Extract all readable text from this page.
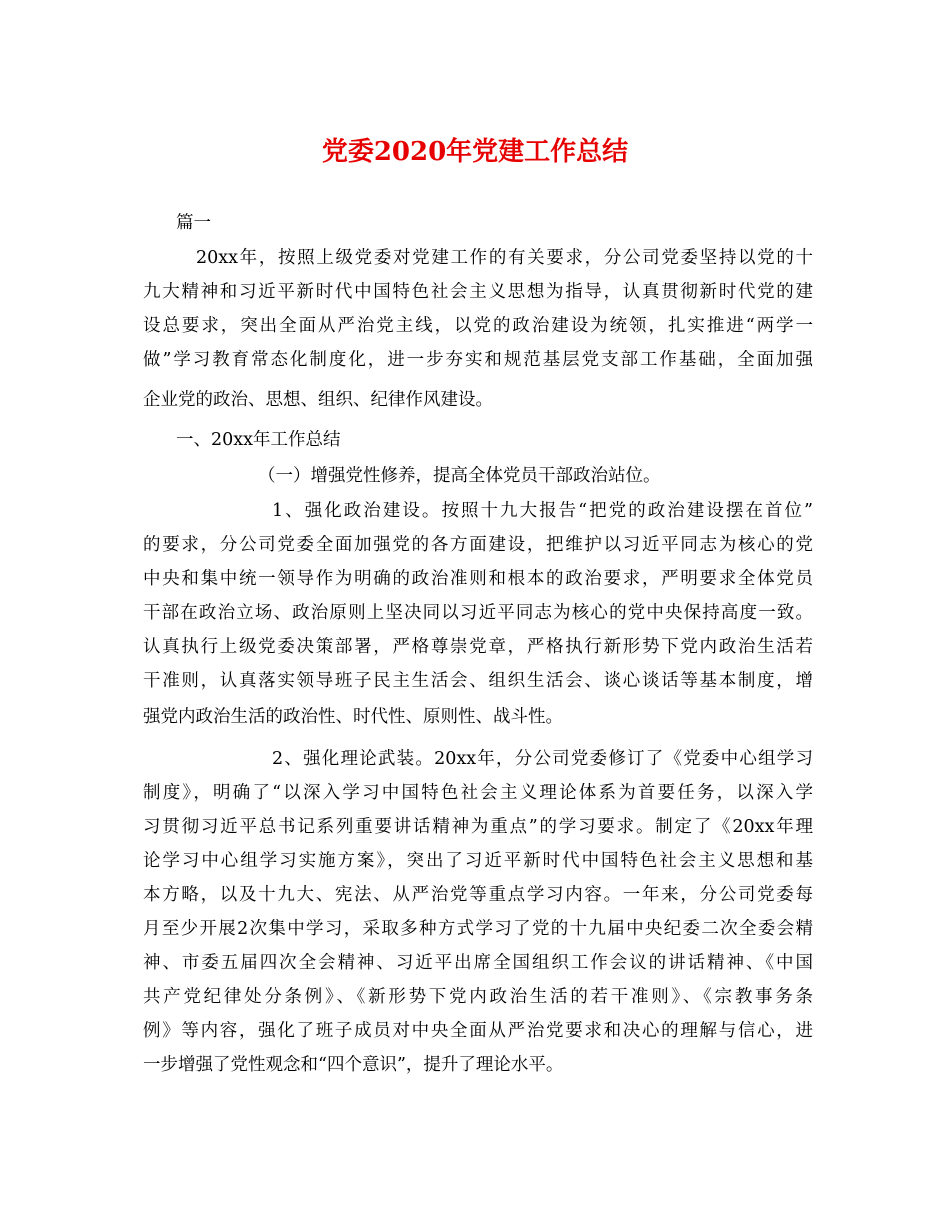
党委2020年党建工作总结
篇一
20xx年，按照上级党委对党建工作的有关要求，分公司党委坚持以党的十
九大精神和习近平新时代中国特色社会主义思想为指导，认真贯彻新时代党的建
设总要求，突出全面从严治党主线，以党的政治建设为统领，扎实推进“两学一
做”学习教育常态化制度化，进一步夯实和规范基层党支部工作基础，全面加强
企业党的政治、思想、组织、纪律作风建设。
一、20xx年工作总结
（一）增强党性修养，提高全体党员干部政治站位。
1、强化政治建设。按照十九大报告“把党的政治建设摆在首位”
的要求，分公司党委全面加强党的各方面建设，把维护以习近平同志为核心的党
中央和集中统一领导作为明确的政治准则和根本的政治要求，严明要求全体党员
干部在政治立场、政治原则上坚决同以习近平同志为核心的党中央保持高度一致。
认真执行上级党委决策部署，严格尊崇党章，严格执行新形势下党内政治生活若
干准则，认真落实领导班子民主生活会、组织生活会、谈心谈话等基本制度，增
强党内政治生活的政治性、时代性、原则性、战斗性。
2、强化理论武装。20xx年，分公司党委修订了《党委中心组学习
制度》，明确了“以深入学习中国特色社会主义理论体系为首要任务，以深入学
习贯彻习近平总书记系列重要讲话精神为重点”的学习要求。制定了《20xx年理
论学习中心组学习实施方案》，突出了习近平新时代中国特色社会主义思想和基
本方略，以及十九大、宪法、从严治党等重点学习内容。一年来，分公司党委每
月至少开展2次集中学习，采取多种方式学习了党的十九届中央纪委二次全委会精
神、市委五届四次全会精神、习近平出席全国组织工作会议的讲话精神、《中国
共产党纪律处分条例》、《新形势下党内政治生活的若干准则》、《宗教事务条
例》等内容，强化了班子成员对中央全面从严治党要求和决心的理解与信心，进
一步增强了党性观念和“四个意识”，提升了理论水平。
